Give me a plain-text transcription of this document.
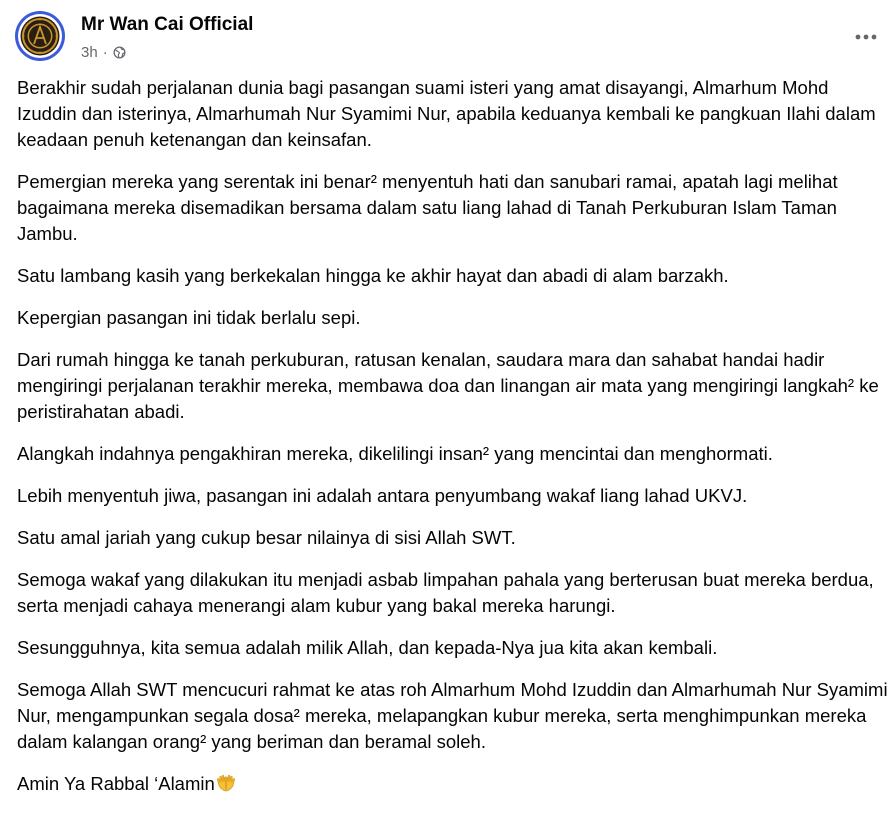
Mr Wan Cai Official
3h ·

Berakhir sudah perjalanan dunia bagi pasangan suami isteri yang amat disayangi, Almarhum Mohd Izuddin dan isterinya, Almarhumah Nur Syamimi Nur, apabila keduanya kembali ke pangkuan Ilahi dalam keadaan penuh ketenangan dan keinsafan.

Pemergian mereka yang serentak ini benar² menyentuh hati dan sanubari ramai, apatah lagi melihat bagaimana mereka disemadikan bersama dalam satu liang lahad di Tanah Perkuburan Islam Taman Jambu.

Satu lambang kasih yang berkekalan hingga ke akhir hayat dan abadi di alam barzakh.

Kepergian pasangan ini tidak berlalu sepi.

Dari rumah hingga ke tanah perkuburan, ratusan kenalan, saudara mara dan sahabat handai hadir mengiringi perjalanan terakhir mereka, membawa doa dan linangan air mata yang mengiringi langkah² ke peristirahatan abadi.

Alangkah indahnya pengakhiran mereka, dikelilingi insan² yang mencintai dan menghormati.

Lebih menyentuh jiwa, pasangan ini adalah antara penyumbang wakaf liang lahad UKVJ.

Satu amal jariah yang cukup besar nilainya di sisi Allah SWT.

Semoga wakaf yang dilakukan itu menjadi asbab limpahan pahala yang berterusan buat mereka berdua, serta menjadi cahaya menerangi alam kubur yang bakal mereka harungi.

Sesungguhnya, kita semua adalah milik Allah, dan kepada-Nya jua kita akan kembali.

Semoga Allah SWT mencucuri rahmat ke atas roh Almarhum Mohd Izuddin dan Almarhumah Nur Syamimi Nur, mengampunkan segala dosa² mereka, melapangkan kubur mereka, serta menghimpunkan mereka dalam kalangan orang² yang beriman dan beramal soleh.

Amin Ya Rabbal ‘Alamin
